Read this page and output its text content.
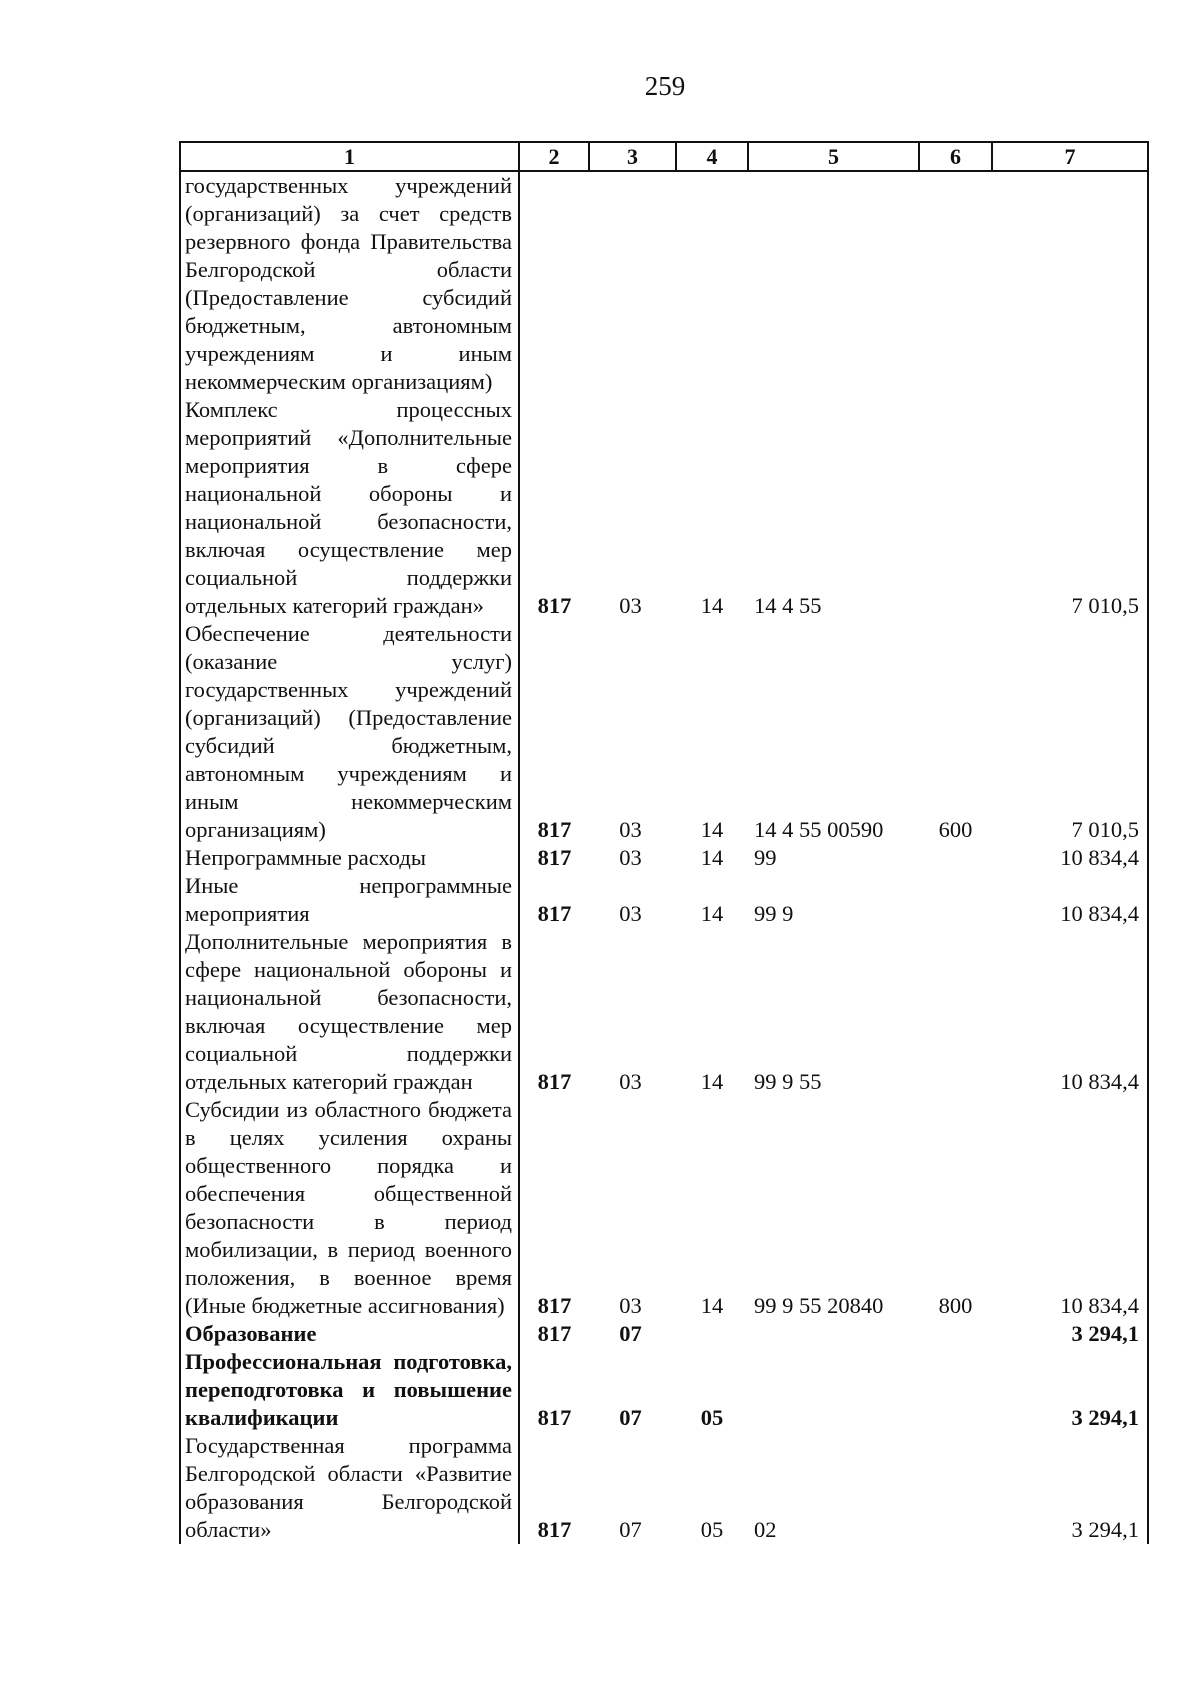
259
1	2	3	4	5	6	7
государственных учреждений (организаций) за счет средств резервного фонда Правительства Белгородской области (Предоставление субсидий бюджетным, автономным учреждениям и иным некоммерческим организациям)						
Комплекс процессных мероприятий «Дополнительные мероприятия в сфере национальной обороны и национальной безопасности, включая осуществление мер социальной поддержки отдельных категорий граждан»	817	03	14	14 4 55		7 010,5
Обеспечение деятельности (оказание услуг) государственных учреждений (организаций) (Предоставление субсидий бюджетным, автономным учреждениям и иным некоммерческим организациям)	817	03	14	14 4 55 00590	600	7 010,5
Непрограммные расходы	817	03	14	99		10 834,4
Иные непрограммные мероприятия	817	03	14	99 9		10 834,4
Дополнительные мероприятия в сфере национальной обороны и национальной безопасности, включая осуществление мер социальной поддержки отдельных категорий граждан	817	03	14	99 9 55		10 834,4
Субсидии из областного бюджета в целях усиления охраны общественного порядка и обеспечения общественной безопасности в период мобилизации, в период военного положения, в военное время (Иные бюджетные ассигнования)	817	03	14	99 9 55 20840	800	10 834,4
Образование	817	07				3 294,1
Профессиональная подготовка, переподготовка и повышение квалификации	817	07	05			3 294,1
Государственная программа Белгородской области «Развитие образования Белгородской области»	817	07	05	02		3 294,1
